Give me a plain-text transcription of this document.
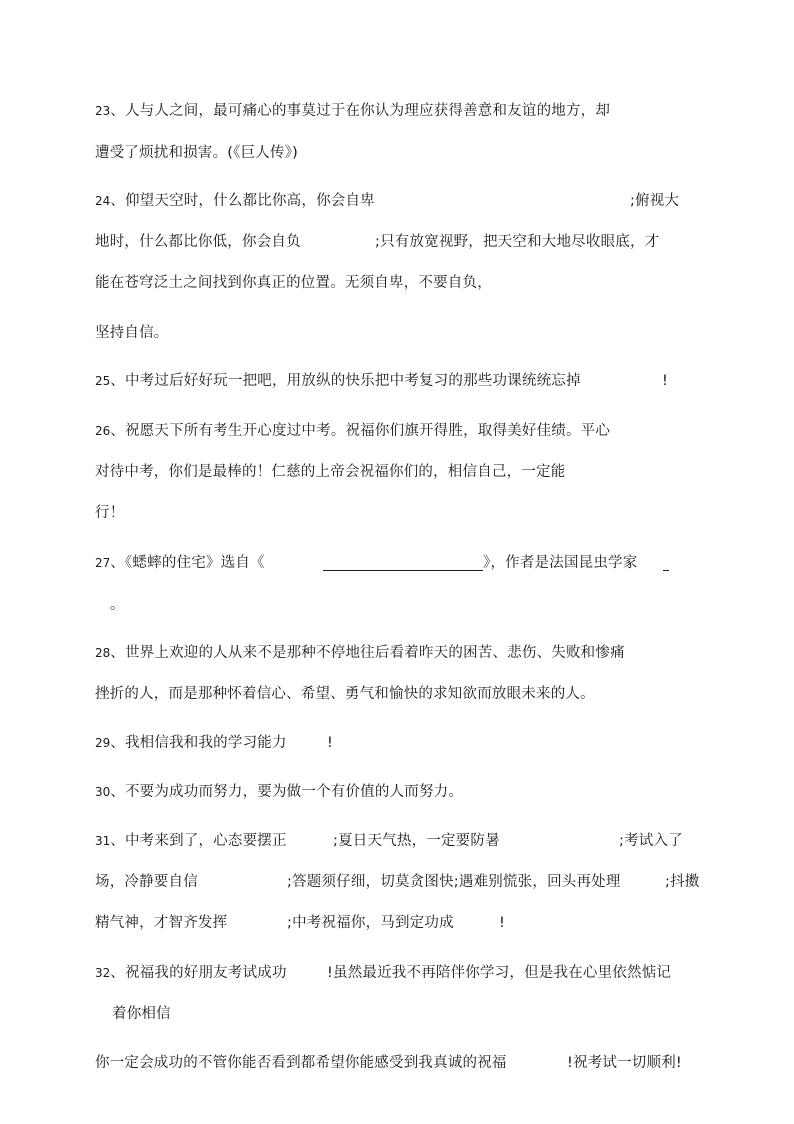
23、人与人之间，最可痛心的事莫过于在你认为理应获得善意和友谊的地方，却
遭受了烦扰和损害。(《巨人传》)
24、仰望天空时，什么都比你高，你会自卑	;俯视大
地时，什么都比你低，你会自负	;只有放宽视野，把天空和大地尽收眼底，才
能在苍穹泛土之间找到你真正的位置。无须自卑，不要自负，
坚持自信。
25、中考过后好好玩一把吧，用放纵的快乐把中考复习的那些功课统统忘掉	!
26、祝愿天下所有考生开心度过中考。祝福你们旗开得胜，取得美好佳绩。平心
对待中考，你们是最棒的！仁慈的上帝会祝福你们的，相信自己，一定能
行！
27、《蟋蟀的住宅》选自《	》，作者是法国昆虫学家
。
28、世界上欢迎的人从来不是那种不停地往后看着昨天的困苦、悲伤、失败和惨痛
挫折的人，而是那种怀着信心、希望、勇气和愉快的求知欲而放眼未来的人。
29、我相信我和我的学习能力	!
30、不要为成功而努力，要为做一个有价值的人而努力。
31、中考来到了，心态要摆正	;夏日天气热，一定要防暑	;考试入了
场，冷静要自信	;答题须仔细，切莫贪图快;遇难别慌张，回头再处理	;抖擞
精气神，才智齐发挥	;中考祝福你，马到定功成	!
32、祝福我的好朋友考试成功	!虽然最近我不再陪伴你学习，但是我在心里依然惦记
着你相信
你一定会成功的不管你能否看到都希望你能感受到我真诚的祝福	!祝考试一切顺利!
